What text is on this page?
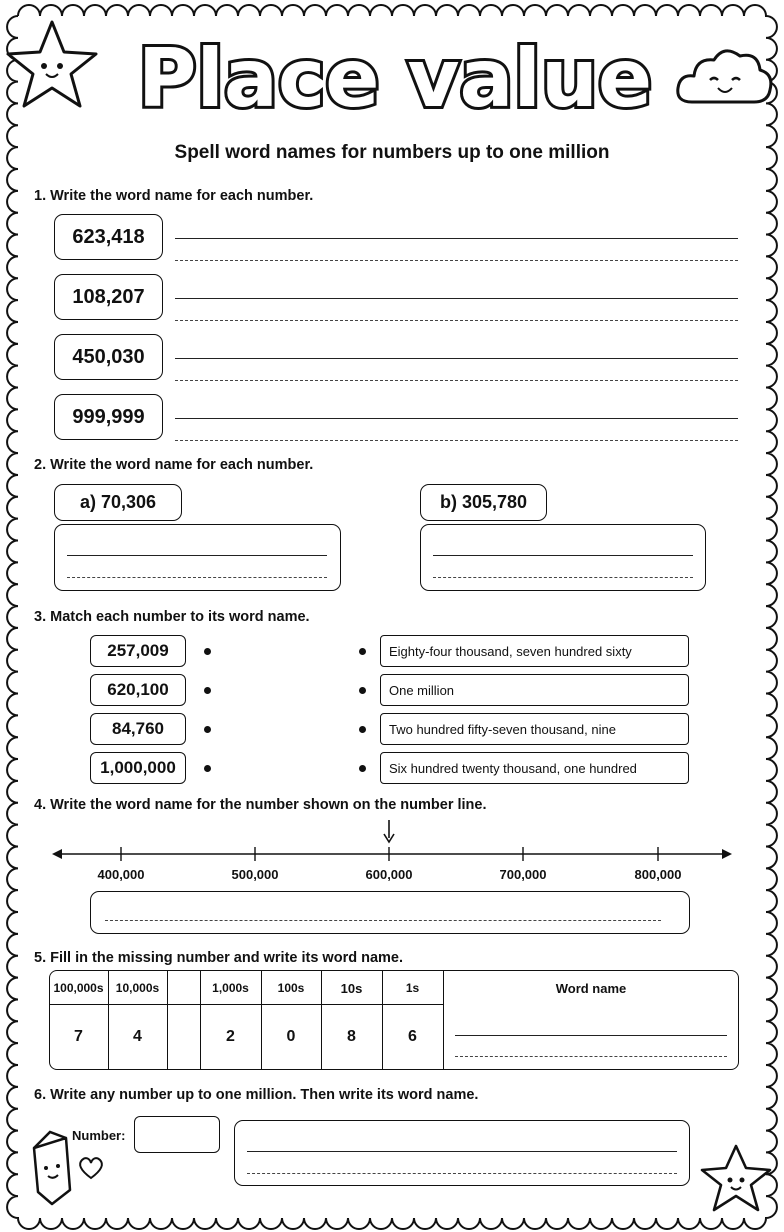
Place value
Spell word names for numbers up to one million
1. Write the word name for each number.
623,418
108,207
450,030
999,999
2. Write the word name for each number.
a) 70,306	b) 305,780
3. Match each number to its word name.
257,009
620,100
84,760
1,000,000
Eighty-four thousand, seven hundred sixty
One million
Two hundred fifty-seven thousand, nine
Six hundred twenty thousand, one hundred
4. Write the word name for the number shown on the number line.
400,000	500,000	600,000	700,000	800,000
5. Fill in the missing number and write its word name.
100,000s	10,000s	1,000s	100s	10s	1s	Word name
7	4	2	0	8	6
6. Write any number up to one million. Then write its word name.
Number:
